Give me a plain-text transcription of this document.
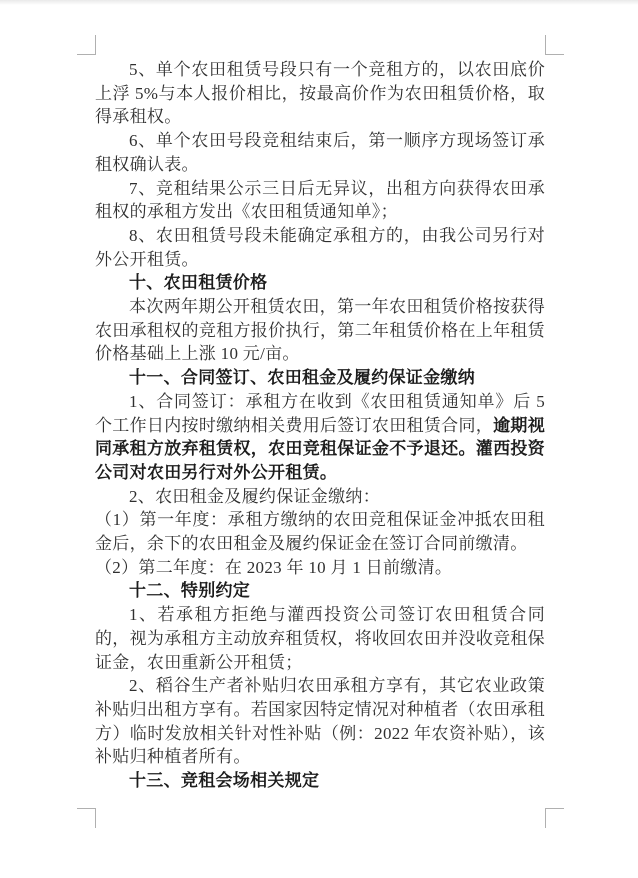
5、单个农田租赁号段只有一个竞租方的，以农田底价上浮 5%与本人报价相比，按最高价作为农田租赁价格，取得承租权。
6、单个农田号段竞租结束后，第一顺序方现场签订承租权确认表。
7、竞租结果公示三日后无异议，出租方向获得农田承租权的承租方发出《农田租赁通知单》；
8、农田租赁号段未能确定承租方的，由我公司另行对外公开租赁。
十、农田租赁价格
本次两年期公开租赁农田，第一年农田租赁价格按获得农田承租权的竞租方报价执行，第二年租赁价格在上年租赁价格基础上上涨 10 元/亩。
十一、合同签订、农田租金及履约保证金缴纳
1、合同签订：承租方在收到《农田租赁通知单》后 5 个工作日内按时缴纳相关费用后签订农田租赁合同，逾期视同承租方放弃租赁权，农田竞租保证金不予退还。灌西投资公司对农田另行对外公开租赁。
2、农田租金及履约保证金缴纳：
（1）第一年度：承租方缴纳的农田竞租保证金冲抵农田租金后，余下的农田租金及履约保证金在签订合同前缴清。
（2）第二年度：在 2023 年 10 月 1 日前缴清。
十二、特别约定
1、若承租方拒绝与灌西投资公司签订农田租赁合同的，视为承租方主动放弃租赁权，将收回农田并没收竞租保证金，农田重新公开租赁；
2、稻谷生产者补贴归农田承租方享有，其它农业政策补贴归出租方享有。若国家因特定情况对种植者（农田承租方）临时发放相关针对性补贴（例：2022 年农资补贴），该补贴归种植者所有。
十三、竞租会场相关规定
